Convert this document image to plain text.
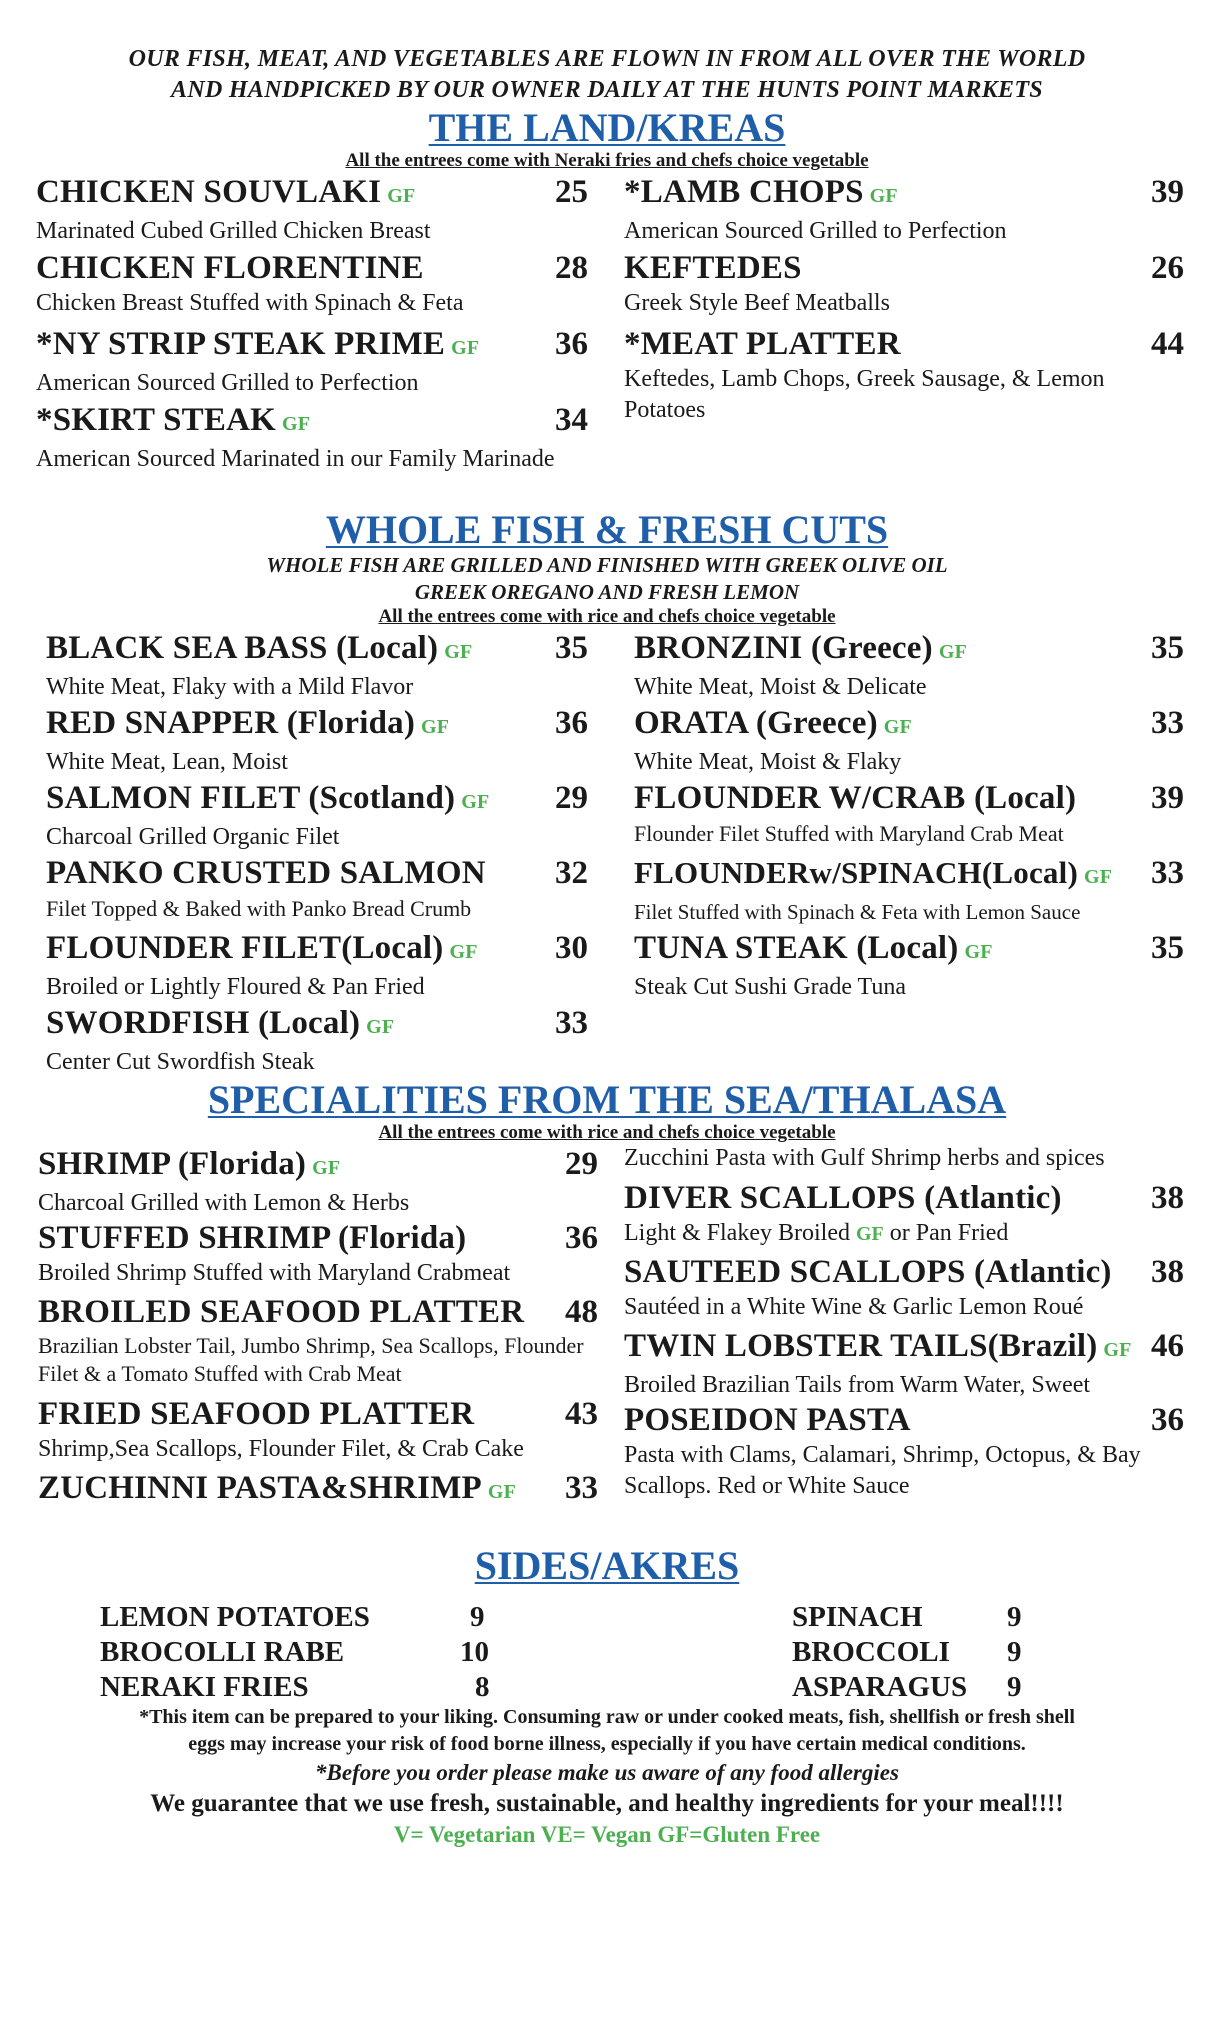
OUR FISH, MEAT, AND VEGETABLES ARE FLOWN IN FROM ALL OVER THE WORLD
AND HANDPICKED BY OUR OWNER DAILY AT THE HUNTS POINT MARKETS
THE LAND/KREAS
All the entrees come with Neraki fries and chefs choice vegetable
CHICKEN SOUVLAKI GF	25
Marinated Cubed Grilled Chicken Breast
CHICKEN FLORENTINE	28
Chicken Breast Stuffed with Spinach & Feta
*NY STRIP STEAK PRIME GF	36
American Sourced Grilled to Perfection
*SKIRT STEAK GF	34
American Sourced Marinated in our Family Marinade
*LAMB CHOPS GF	39
American Sourced Grilled to Perfection
KEFTEDES	26
Greek Style Beef Meatballs
*MEAT PLATTER	44
Keftedes, Lamb Chops, Greek Sausage, & Lemon Potatoes
WHOLE FISH & FRESH CUTS
WHOLE FISH ARE GRILLED AND FINISHED WITH GREEK OLIVE OIL
GREEK OREGANO AND FRESH LEMON
All the entrees come with rice and chefs choice vegetable
BLACK SEA BASS (Local) GF	35
White Meat, Flaky with a Mild Flavor
RED SNAPPER (Florida) GF	36
White Meat, Lean, Moist
SALMON FILET (Scotland) GF	29
Charcoal Grilled Organic Filet
PANKO CRUSTED SALMON	32
Filet Topped & Baked with Panko Bread Crumb
FLOUNDER FILET(Local) GF	30
Broiled or Lightly Floured & Pan Fried
SWORDFISH (Local) GF	33
Center Cut Swordfish Steak
BRONZINI (Greece) GF	35
White Meat, Moist & Delicate
ORATA (Greece) GF	33
White Meat, Moist & Flaky
FLOUNDER W/CRAB (Local)	39
Flounder Filet Stuffed with Maryland Crab Meat
FLOUNDERw/SPINACH(Local) GF	33
Filet Stuffed with Spinach & Feta with Lemon Sauce
TUNA STEAK (Local) GF	35
Steak Cut Sushi Grade Tuna
SPECIALITIES FROM THE SEA/THALASA
All the entrees come with rice and chefs choice vegetable
SHRIMP (Florida) GF	29
Charcoal Grilled with Lemon & Herbs
STUFFED SHRIMP (Florida)	36
Broiled Shrimp Stuffed with Maryland Crabmeat
BROILED SEAFOOD PLATTER	48
Brazilian Lobster Tail, Jumbo Shrimp, Sea Scallops, Flounder Filet & a Tomato Stuffed with Crab Meat
FRIED SEAFOOD PLATTER	43
Shrimp,Sea Scallops, Flounder Filet, & Crab Cake
ZUCHINNI PASTA&SHRIMP GF	33
Zucchini Pasta with Gulf Shrimp herbs and spices
DIVER SCALLOPS (Atlantic)	38
Light & Flakey Broiled GF or Pan Fried
SAUTEED SCALLOPS (Atlantic)	38
Sautéed in a White Wine & Garlic Lemon Roué
TWIN LOBSTER TAILS(Brazil) GF 46
Broiled Brazilian Tails from Warm Water, Sweet
POSEIDON PASTA	36
Pasta with Clams, Calamari, Shrimp, Octopus, & Bay Scallops. Red or White Sauce
SIDES/AKRES
LEMON POTATOES	9
BROCOLLI RABE	10
NERAKI FRIES	8
SPINACH	9
BROCCOLI 9
ASPARAGUS 9
*This item can be prepared to your liking. Consuming raw or under cooked meats, fish, shellfish or fresh shell
eggs may increase your risk of food borne illness, especially if you have certain medical conditions.
*Before you order please make us aware of any food allergies
We guarantee that we use fresh, sustainable, and healthy ingredients for your meal!!!!
V= Vegetarian VE= Vegan GF=Gluten Free
